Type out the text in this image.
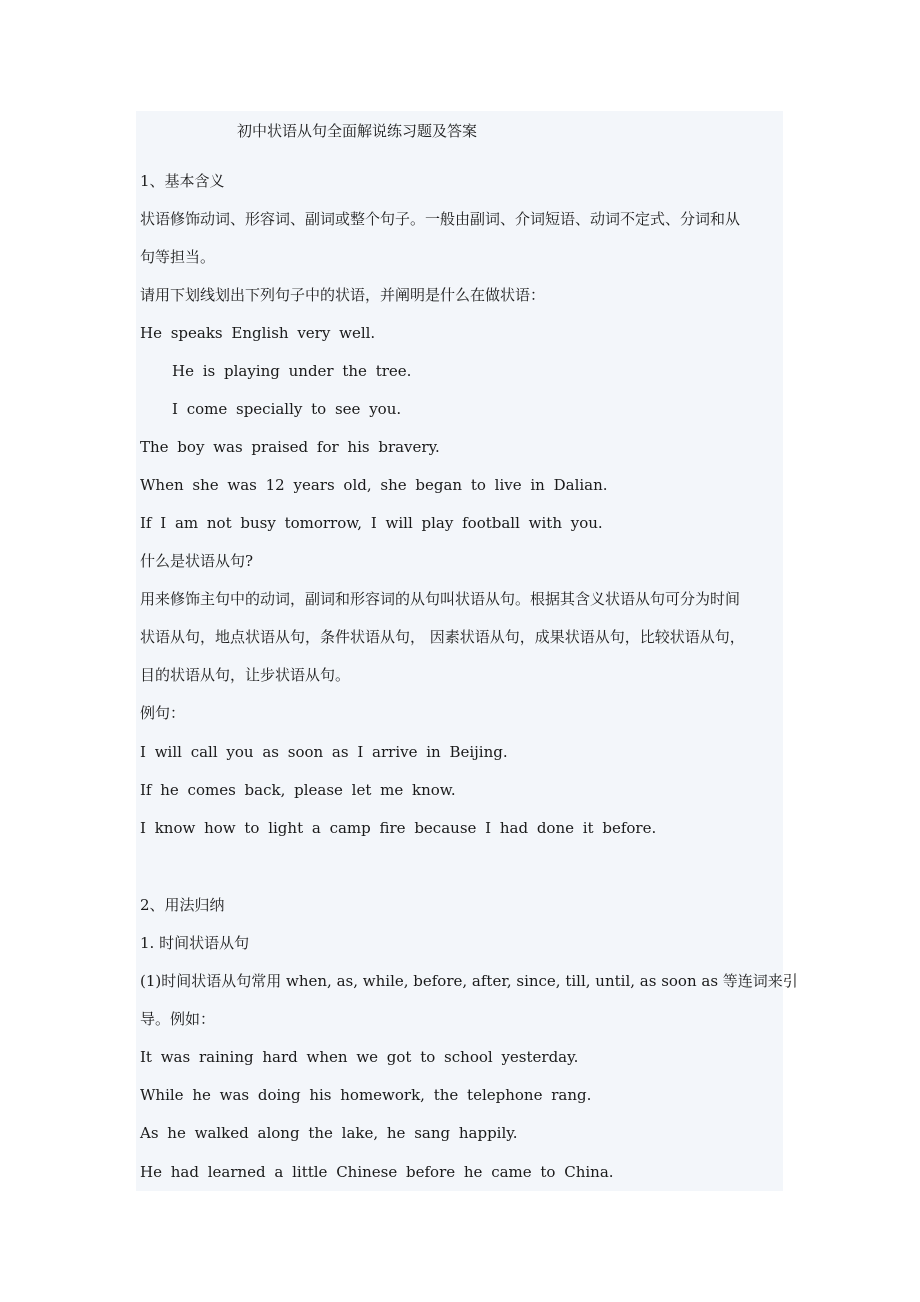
初中状语从句全面解说练习题及答案
1、基本含义
状语修饰动词、形容词、副词或整个句子。一般由副词、介词短语、动词不定式、分词和从
句等担当。
请用下划线划出下列句子中的状语，并阐明是什么在做状语：
He speaks English very well.
He is playing under the tree.
I come specially to see you.
The boy was praised for his bravery.
When she was 12 years old, she began to live in Dalian.
If I am not busy tomorrow, I will play football with you.
什么是状语从句?
用来修饰主句中的动词，副词和形容词的从句叫状语从句。根据其含义状语从句可分为时间
状语从句，地点状语从句，条件状语从句， 因素状语从句，成果状语从句，比较状语从句，
目的状语从句，让步状语从句。
例句：
I will call you as soon as I arrive in Beijing.
If he comes back, please let me know.
I know how to light a camp fire because I had done it before.
2、用法归纳
1. 时间状语从句
(1)时间状语从句常用 when, as, while, before, after, since, till, until, as soon as 等连词来引
导。例如：
It was raining hard when we got to school yesterday.
While he was doing his homework, the telephone rang.
As he walked along the lake, he sang happily.
He had learned a little Chinese before he came to China.
